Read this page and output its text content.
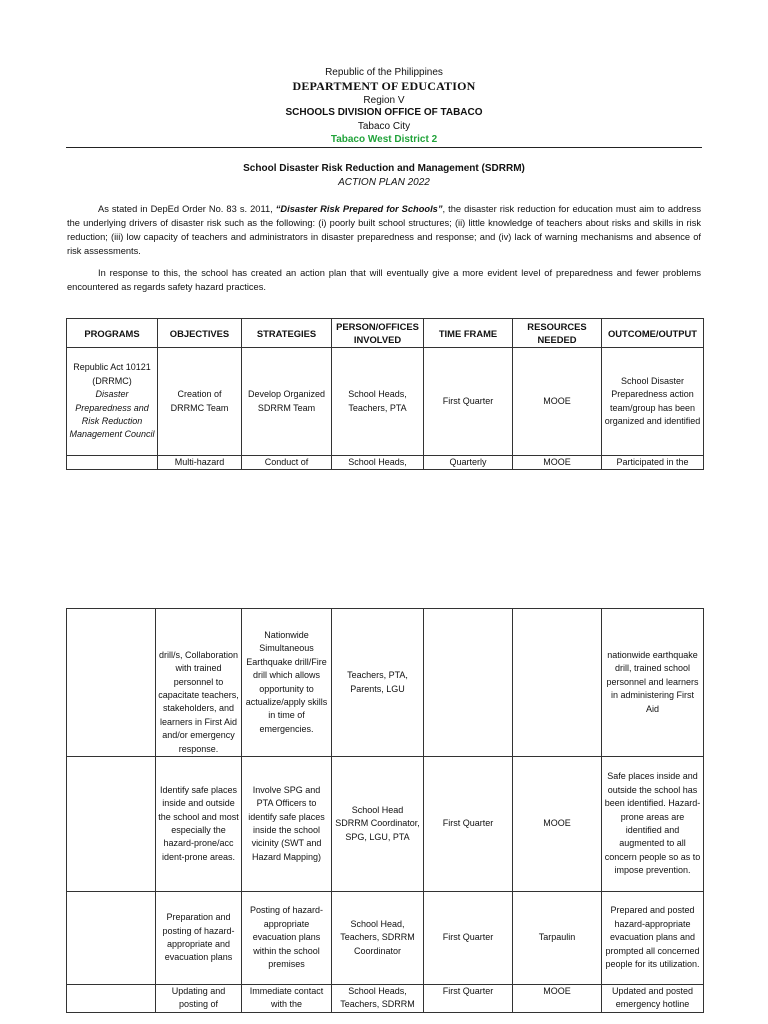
Republic of the Philippines
DEPARTMENT OF EDUCATION
Region V
SCHOOLS DIVISION OFFICE OF TABACO
Tabaco City
Tabaco West District 2
School Disaster Risk Reduction and Management (SDRRM)
ACTION PLAN 2022

As stated in DepEd Order No. 83 s. 2011, “Disaster Risk Prepared for Schools”, the disaster risk reduction for education must aim to address the underlying drivers of disaster risk such as the following: (i) poorly built school structures; (ii) little knowledge of teachers about risks and skills in risk reduction; (iii) low capacity of teachers and administrators in disaster preparedness and response; and (iv) lack of warning mechanisms and absence of risk assessments.

In response to this, the school has created an action plan that will eventually give a more evident level of preparedness and fewer problems encountered as regards safety hazard practices.

PROGRAMS	OBJECTIVES	STRATEGIES	PERSON/OFFICES INVOLVED	TIME FRAME	RESOURCES NEEDED	OUTCOME/OUTPUT

Republic Act 10121 (DRRMC)
Disaster Preparedness and Risk Reduction Management Council	Creation of DRRMC Team	Develop Organized SDRRM Team	School Heads, Teachers, PTA	First Quarter	MOOE	School Disaster Preparedness action team/group has been organized and identified
	Multi-hazard	Conduct of	School Heads,	Quarterly	MOOE	Participated in the
	drill/s, Collaboration with trained personnel to capacitate teachers, stakeholders, and learners in First Aid and/or emergency response.	Nationwide Simultaneous Earthquake drill/Fire drill which allows opportunity to actualize/apply skills in time of emergencies.	Teachers, PTA, Parents, LGU			nationwide earthquake drill, trained school personnel and learners in administering First Aid
	Identify safe places inside and outside the school and most especially the hazard-prone/acc ident-prone areas.	Involve SPG and PTA Officers to identify safe places inside the school vicinity (SWT and Hazard Mapping)	School Head SDRRM Coordinator, SPG, LGU, PTA	First Quarter	MOOE	Safe places inside and outside the school has been identified. Hazard-prone areas are identified and augmented to all concern people so as to impose prevention.
	Preparation and posting of hazard-appropriate and evacuation plans	Posting of hazard-appropriate evacuation plans within the school premises	School Head, Teachers, SDRRM Coordinator	First Quarter	Tarpaulin	Prepared and posted hazard-appropriate evacuation plans and prompted all concerned people for its utilization.
	Updating and posting of	Immediate contact with the	School Heads, Teachers, SDRRM	First Quarter	MOOE	Updated and posted emergency hotline
